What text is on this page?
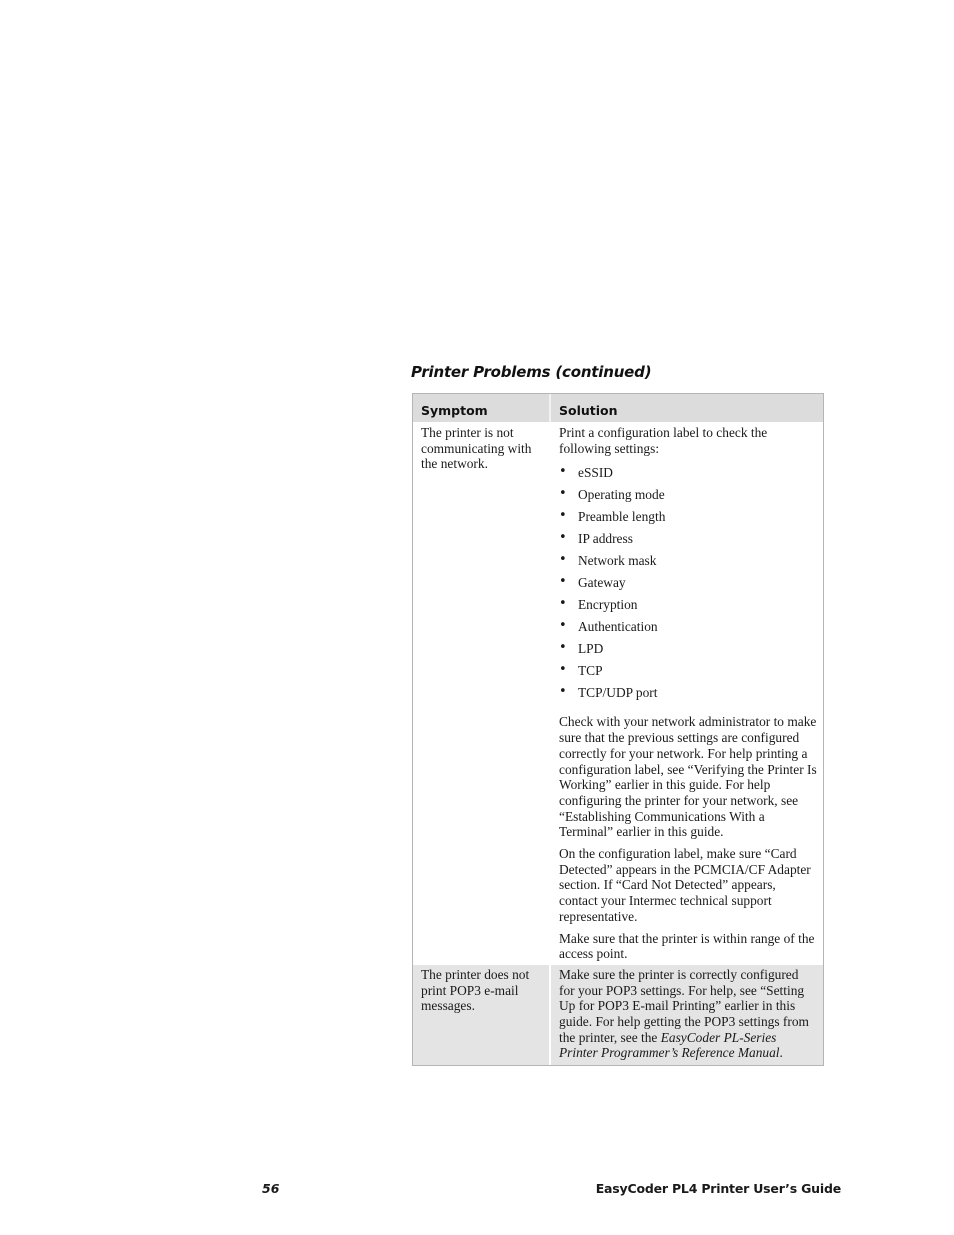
Printer Problems (continued)
Symptom	Solution
The printer is not communicating with the network.
Print a configuration label to check the following settings:
• eSSID
• Operating mode
• Preamble length
• IP address
• Network mask
• Gateway
• Encryption
• Authentication
• LPD
• TCP
• TCP/UDP port

Check with your network administrator to make sure that the previous settings are configured correctly for your network. For help printing a configuration label, see “Verifying the Printer Is Working” earlier in this guide. For help configuring the printer for your network, see “Establishing Communications With a Terminal” earlier in this guide.

On the configuration label, make sure “Card Detected” appears in the PCMCIA/CF Adapter section. If “Card Not Detected” appears, contact your Intermec technical support representative.

Make sure that the printer is within range of the access point.

The printer does not print POP3 e-mail messages.
Make sure the printer is correctly configured for your POP3 settings. For help, see “Setting Up for POP3 E-mail Printing” earlier in this guide. For help getting the POP3 settings from the printer, see the EasyCoder PL-Series Printer Programmer’s Reference Manual.
56	EasyCoder PL4 Printer User’s Guide
